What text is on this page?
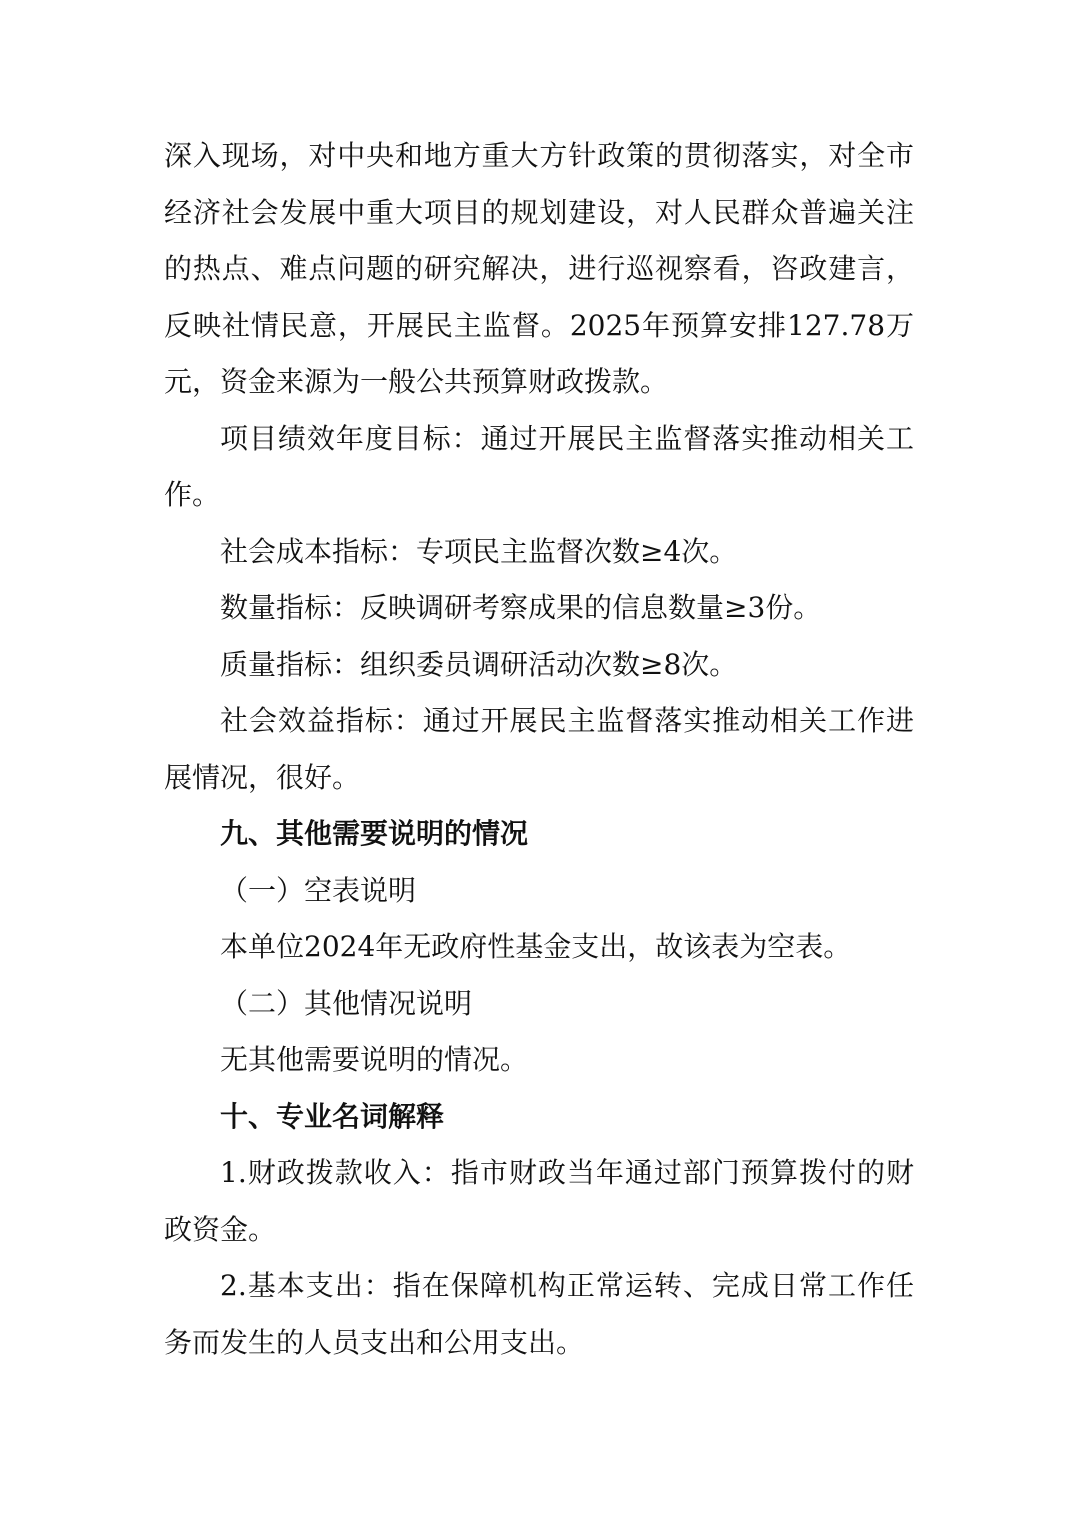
深入现场，对中央和地方重大方针政策的贯彻落实，对全市经济社会发展中重大项目的规划建设，对人民群众普遍关注的热点、难点问题的研究解决，进行巡视察看，咨政建言，反映社情民意，开展民主监督。2025年预算安排127.78万元，资金来源为一般公共预算财政拨款。

项目绩效年度目标：通过开展民主监督落实推动相关工作。

社会成本指标：专项民主监督次数≥4次。

数量指标：反映调研考察成果的信息数量≥3份。

质量指标：组织委员调研活动次数≥8次。

社会效益指标：通过开展民主监督落实推动相关工作进展情况，很好。

九、其他需要说明的情况

（一）空表说明

本单位2024年无政府性基金支出，故该表为空表。

（二）其他情况说明

无其他需要说明的情况。

十、专业名词解释

1.财政拨款收入：指市财政当年通过部门预算拨付的财政资金。

2.基本支出：指在保障机构正常运转、完成日常工作任务而发生的人员支出和公用支出。
